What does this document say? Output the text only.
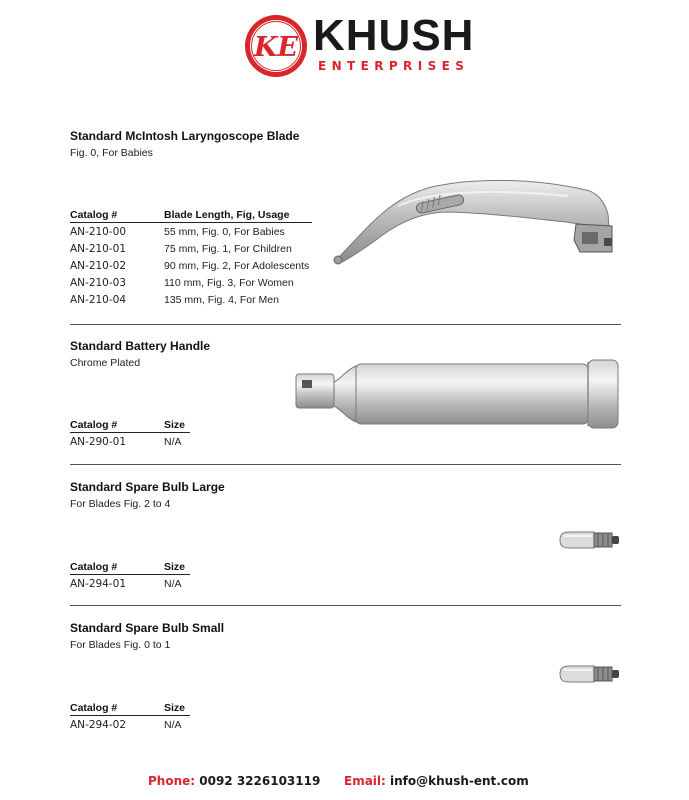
KE KHUSH
ENTERPRISES
Standard McIntosh Laryngoscope Blade
Fig. 0, For Babies
Catalog #	Blade Length, Fig, Usage
AN-210-00	55 mm, Fig. 0, For Babies
AN-210-01	75 mm, Fig. 1, For Children
AN-210-02	90 mm, Fig. 2, For Adolescents
AN-210-03	110 mm, Fig. 3, For Women
AN-210-04	135 mm, Fig. 4, For Men
Standard Battery Handle
Chrome Plated
Catalog #	Size
AN-290-01	N/A
Standard Spare Bulb Large
For Blades Fig. 2 to 4
Catalog #	Size
AN-294-01	N/A
Standard Spare Bulb Small
For Blades Fig. 0 to 1
Catalog #	Size
AN-294-02	N/A
Phone: 0092 3226103119 Email: info@khush-ent.com
